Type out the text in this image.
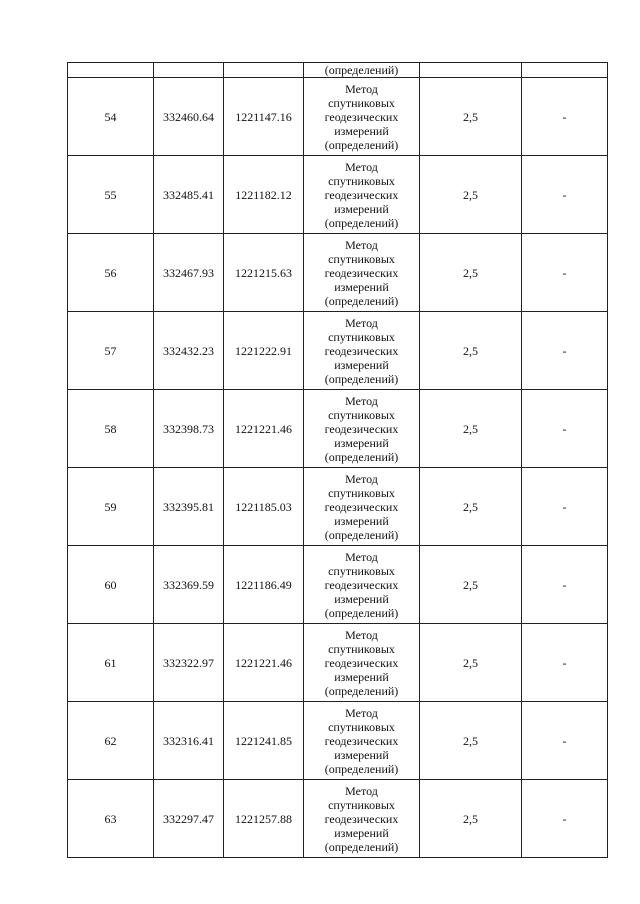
			(определений)		
54	332460.64	1221147.16	Метод
спутниковых
геодезических
измерений
(определений)	2,5	-
55	332485.41	1221182.12	Метод
спутниковых
геодезических
измерений
(определений)	2,5	-
56	332467.93	1221215.63	Метод
спутниковых
геодезических
измерений
(определений)	2,5	-
57	332432.23	1221222.91	Метод
спутниковых
геодезических
измерений
(определений)	2,5	-
58	332398.73	1221221.46	Метод
спутниковых
геодезических
измерений
(определений)	2,5	-
59	332395.81	1221185.03	Метод
спутниковых
геодезических
измерений
(определений)	2,5	-
60	332369.59	1221186.49	Метод
спутниковых
геодезических
измерений
(определений)	2,5	-
61	332322.97	1221221.46	Метод
спутниковых
геодезических
измерений
(определений)	2,5	-
62	332316.41	1221241.85	Метод
спутниковых
геодезических
измерений
(определений)	2,5	-
63	332297.47	1221257.88	Метод
спутниковых
геодезических
измерений
(определений)	2,5	-
